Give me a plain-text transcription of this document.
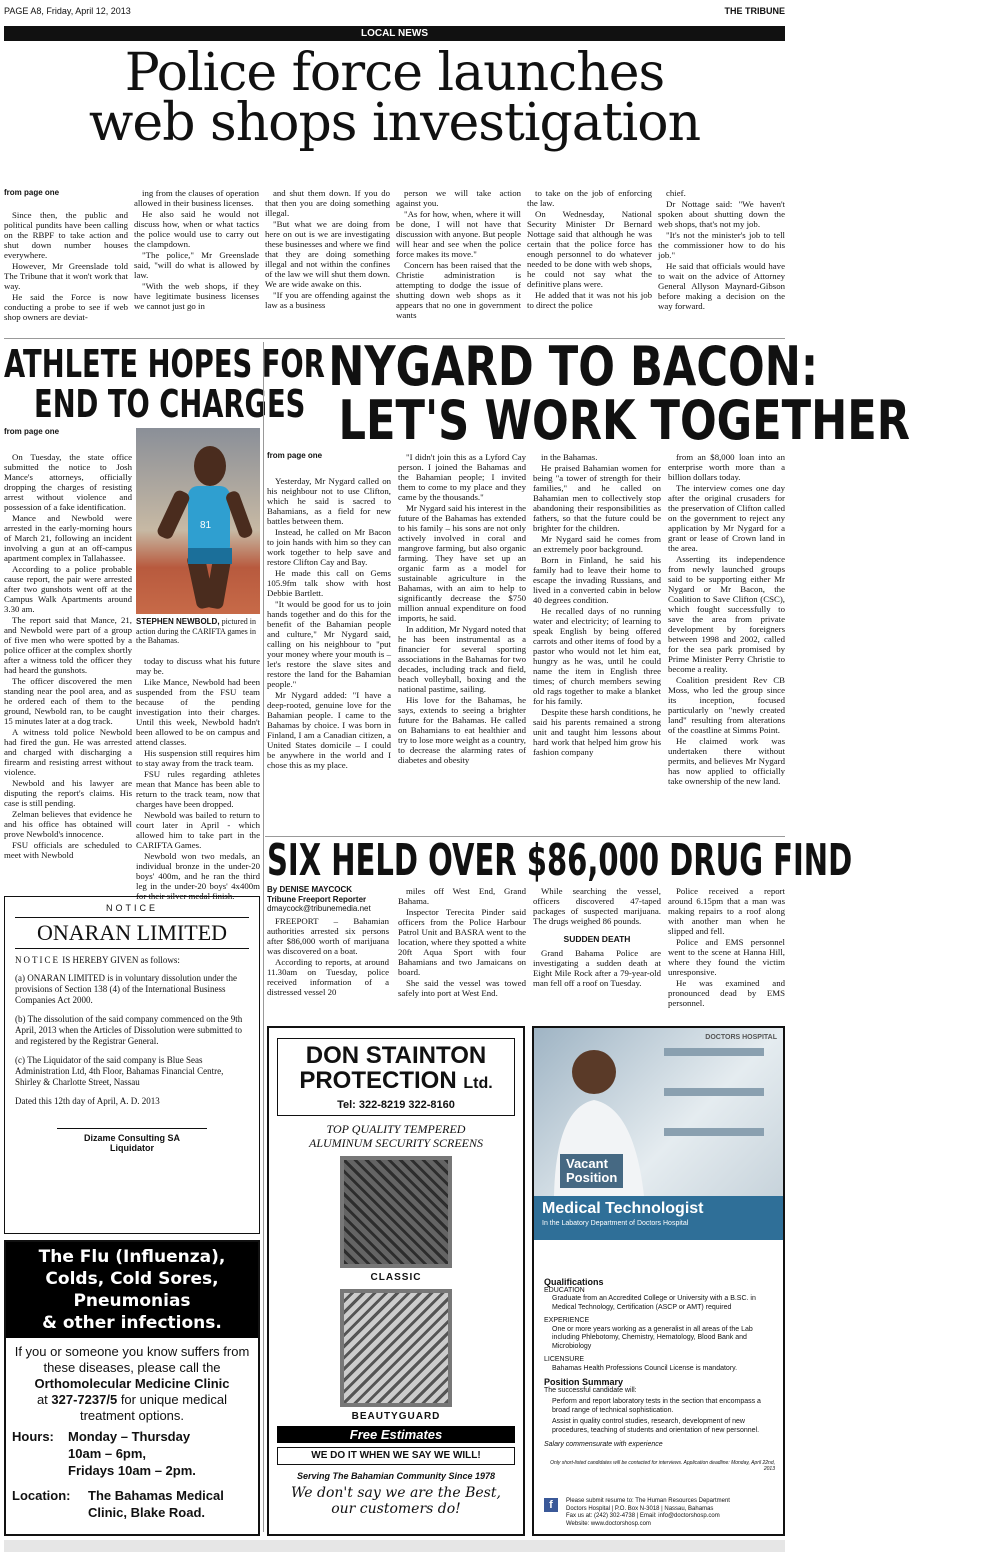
PAGE A8, Friday, April 12, 2013	THE TRIBUNE
LOCAL NEWS
Police force launches
web shops investigation
from page one

Since then, the public and political pundits have been calling on the RBPF to take action and shut down number houses everywhere.

However, Mr Greenslade told The Tribune that it won't work that way.

He said the Force is now conducting a probe to see if web shop owners are deviat-

ing from the clauses of operation allowed in their business licenses.

He also said he would not discuss how, when or what tactics the police would use to carry out the clampdown.

"The police," Mr Greenslade said, "will do what is allowed by law.

"With the web shops, if they have legitimate business licenses we cannot just go in

and shut them down. If you do that then you are doing something illegal.

"But what we are doing from here on out is we are investigating these businesses and where we find that they are doing something illegal and not within the confines of the law we will shut them down. We are wide awake on this.

"If you are offending against the law as a business

person we will take action against you.

"As for how, when, where it will be done, I will not have that discussion with anyone. But people will hear and see when the police force makes its move."

Concern has been raised that the Christie administration is attempting to dodge the issue of shutting down web shops as it appears that no one in government wants

to take on the job of enforcing the law.

On Wednesday, National Security Minister Dr Bernard Nottage said that although he was certain that the police force has enough personnel to do whatever needed to be done with web shops, he could not say what the definitive plans were.

He added that it was not his job to direct the police

chief.

Dr Nottage said: "We haven't spoken about shutting down the web shops, that's not my job.

"It's not the minister's job to tell the commissioner how to do his job."

He said that officials would have to wait on the advice of Attorney General Allyson Maynard-Gibson before making a decision on the way forward.

ATHLETE HOPES FOR
END TO CHARGES
from page one

On Tuesday, the state office submitted the notice to Josh Mance's attorneys, officially dropping the charges of resisting arrest without violence and possession of a fake identification.

Mance and Newbold were arrested in the early-morning hours of March 21, following an incident involving a gun at an off-campus apartment complex in Tallahassee.

According to a police probable cause report, the pair were arrested after two gunshots went off at the Campus Walk Apartments around 3.30 am.

The report said that Mance, 21, and Newbold were part of a group of five men who were spotted by a police officer at the complex shortly after a witness told the officer they had heard the gunshots.

The officer discovered the men standing near the pool area, and as he ordered each of them to the ground, Newbold ran, to be caught 15 minutes later at a dog track.

A witness told police Newbold had fired the gun. He was arrested and charged with discharging a firearm and resisting arrest without violence.

Newbold and his lawyer are disputing the report's claims. His case is still pending.

Zelman believes that evidence he and his office has obtained will prove Newbold's innocence.

FSU officials are scheduled to meet with Newbold

81
STEPHEN NEWBOLD, pictured in action during the CARIFTA games in the Bahamas.

today to discuss what his future may be.

Like Mance, Newbold had been suspended from the FSU team because of the pending investigation into their charges. Until this week, Newbold hadn't been allowed to be on campus and attend classes.

His suspension still requires him to stay away from the track team.

FSU rules regarding athletes mean that Mance has been able to return to the track team, now that charges have been dropped.

Newbold was bailed to return to court later in April - which allowed him to take part in the CARIFTA Games.

Newbold won two medals, an individual bronze in the under-20 boys' 400m, and he ran the third leg in the under-20 boys' 4x400m for their silver medal finish.

NYGARD TO BACON:
LET'S WORK TOGETHER
from page one

Yesterday, Mr Nygard called on his neighbour not to use Clifton, which he said is sacred to Bahamians, as a field for new battles between them.

Instead, he called on Mr Bacon to join hands with him so they can work together to help save and restore Clifton Cay and Bay.

He made this call on Gems 105.9fm talk show with host Debbie Bartlett.

"It would be good for us to join hands together and do this for the benefit of the Bahamian people and culture," Mr Nygard said, calling on his neighbour to "put your money where your mouth is – let's restore the slave sites and restore the land for the Bahamian people."

Mr Nygard added: "I have a deep-rooted, genuine love for the Bahamian people. I came to the Bahamas by choice. I was born in Finland, I am a Canadian citizen, a United States domicile – I could be anywhere in the world and I chose this as my place.

"I didn't join this as a Lyford Cay person. I joined the Bahamas and the Bahamian people; I invited them to come to my place and they came by the thousands."

Mr Nygard said his interest in the future of the Bahamas has extended to his family – his sons are not only actively involved in coral and mangrove farming, but also organic farming. They have set up an organic farm as a model for sustainable agriculture in the Bahamas, with an aim to help to significantly decrease the $750 million annual expenditure on food imports, he said.

In addition, Mr Nygard noted that he has been instrumental as a financier for several sporting associations in the Bahamas for two decades, including track and field, beach volleyball, boxing and the national pastime, sailing.

His love for the Bahamas, he says, extends to seeing a brighter future for the Bahamas. He called on Bahamians to eat healthier and try to lose more weight as a country, to decrease the alarming rates of diabetes and obesity

in the Bahamas.

He praised Bahamian women for being "a tower of strength for their families," and he called on Bahamian men to collectively stop abandoning their responsibilities as fathers, so that the future could be brighter for the children.

Mr Nygard said he comes from an extremely poor background.

Born in Finland, he said his family had to leave their home to escape the invading Russians, and lived in a converted cabin in below 40 degrees condition.

He recalled days of no running water and electricity; of learning to speak English by being offered carrots and other items of food by a pastor who would not let him eat, hungry as he was, until he could name the item in English three times; of church members sewing old rags together to make a blanket for his family.

Despite these harsh conditions, he said his parents remained a strong unit and taught him lessons about hard work that helped him grow his fashion company

from an $8,000 loan into an enterprise worth more than a billion dollars today.

The interview comes one day after the original crusaders for the preservation of Clifton called on the government to reject any application by Mr Nygard for a grant or lease of Crown land in the area.

Asserting its independence from newly launched groups said to be supporting either Mr Nygard or Mr Bacon, the Coalition to Save Clifton (CSC), which fought successfully to save the area from private development by foreigners between 1998 and 2002, called for the sea park promised by Prime Minister Perry Christie to become a reality.

Coalition president Rev CB Moss, who led the group since its inception, focused particularly on "newly created land" resulting from alterations of the coastline at Simms Point.

He claimed work was undertaken there without permits, and believes Mr Nygard has now applied to officially take ownership of the new land.

SIX HELD OVER $86,000 DRUG FIND
By DENISE MAYCOCK
Tribune Freeport Reporter
dmaycock@tribunemedia.net

FREEPORT – Bahamian authorities arrested six persons after $86,000 worth of marijuana was discovered on a boat.

According to reports, at around 11.30am on Tuesday, police received information of a distressed vessel 20

miles off West End, Grand Bahama.

Inspector Terecita Pinder said officers from the Police Harbour Patrol Unit and BASRA went to the location, where they spotted a white 20ft Aqua Sport with four Bahamians and two Jamaicans on board.

She said the vessel was towed safely into port at West End.

While searching the vessel, officers discovered 47-taped packages of suspected marijuana. The drugs weighed 86 pounds.

SUDDEN DEATH

Grand Bahama Police are investigating a sudden death at Eight Mile Rock after a 79-year-old man fell off a roof on Tuesday.

Police received a report around 6.15pm that a man was making repairs to a roof along with another man when he slipped and fell.

Police and EMS personnel went to the scene at Hanna Hill, where they found the victim unresponsive.

He was examined and pronounced dead by EMS personnel.

NOTICE
ONARAN LIMITED
NOTICE IS HEREBY GIVEN as follows:

(a) ONARAN LIMITED is in voluntary dissolution under the provisions of Section 138 (4) of the International Business Companies Act 2000.

(b) The dissolution of the said company commenced on the 9th April, 2013 when the Articles of Dissolution were submitted to and registered by the Registrar General.

(c) The Liquidator of the said company is Blue Seas Administration Ltd, 4th Floor, Bahamas Financial Centre, Shirley & Charlotte Street, Nassau

Dated this 12th day of April, A. D. 2013
Dizame Consulting SA
Liquidator
The Flu (Influenza),
Colds, Cold Sores,
Pneumonias
& other infections.
If you or someone you know suffers from these diseases, please call the
Orthomolecular Medicine Clinic
at 327-7237/5 for unique medical treatment options.
Hours:	Monday – Thursday
10am – 6pm,
Fridays 10am – 2pm.
Location:	The Bahamas Medical
Clinic, Blake Road.
DON STAINTON
PROTECTION Ltd.
Tel: 322-8219 322-8160
TOP QUALITY TEMPERED
ALUMINUM SECURITY SCREENS
CLASSIC
BEAUTYGUARD
Free Estimates
WE DO IT WHEN WE SAY WE WILL!
Serving The Bahamian Community Since 1978
We don't say we are the Best,
our customers do!
DOCTORS HOSPITAL
Vacant
Position
Medical Technologist
In the Labatory Department of Doctors Hospital
Qualifications
EDUCATION
Graduate from an Accredited College or University with a B.SC. in Medical Technology, Certification (ASCP or AMT) required
EXPERIENCE
One or more years working as a generalist in all areas of the Lab including Phlebotomy, Chemistry, Hematology, Blood Bank and Microbiology
LICENSURE
Bahamas Health Professions Council License is mandatory.
Position Summary
The successful candidate will:
Perform and report laboratory tests in the section that encompass a broad range of technical sophistication.
Assist in quality control studies, research, development of new procedures, teaching of students and orientation of new personnel.
Salary commensurate with experience
Only short-listed candidates will be contacted for interviews. Application deadline: Monday, April 22nd, 2013
f	Please submit resume to: The Human Resources Department
Doctors Hospital | P.O. Box N-3018 | Nassau, Bahamas
Fax us at: (242) 302-4738 | Email: info@doctorshosp.com
Website: www.doctorshosp.com
